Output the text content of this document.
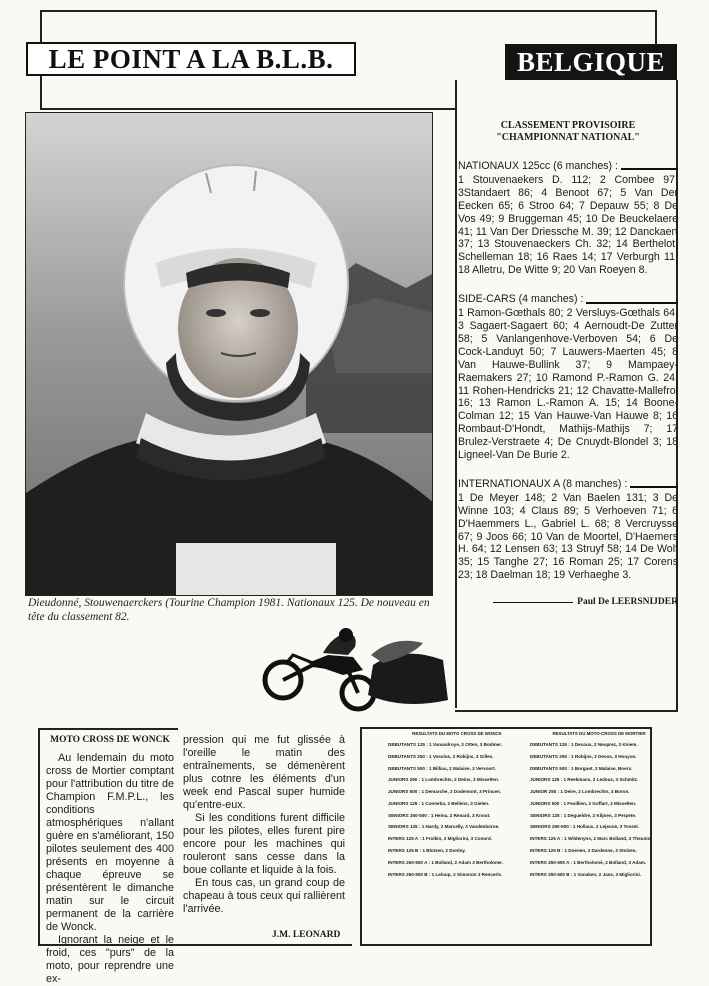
LE POINT A LA B.L.B.	BELGIQUE
Dieudonné, Stouwenaerckers (Tourine Champion 1981. Nationaux 125. De nouveau en tête du classement 82.
CLASSEMENT PROVISOIRE
"CHAMPIONNAT NATIONAL"
NATIONAUX 125cc (6 manches) :
1 Stouvenaekers D. 112; 2 Combee 97; 3Standaert 86; 4 Benoot 67; 5 Van Der Eecken 65; 6 Stroo 64; 7 Depauw 55; 8 De Vos 49; 9 Bruggeman 45; 10 De Beuckelaere 41; 11 Van Der Driessche M. 39; 12 Danckaert 37; 13 Stouvenaeckers Ch. 32; 14 Berthelot, Schelleman 18; 16 Raes 14; 17 Verburgh 11; 18 Alletru, De Witte 9; 20 Van Roeyen 8.
SIDE-CARS (4 manches) :
1 Ramon-Gœthals 80; 2 Versluys-Gœthals 64; 3 Sagaert-Sagaert 60; 4 Aernoudt-De Zutter 58; 5 Vanlangenhove-Verboven 54; 6 De Cock-Landuyt 50; 7 Lauwers-Maerten 45; 8 Van Hauwe-Bullink 37; 9 Mampaey-Raemakers 27; 10 Ramond P.-Ramon G. 24; 11 Rohen-Hendricks 21; 12 Chavatte-Mallefroi 16; 13 Ramon L.-Ramon A. 15; 14 Boone-Colman 12; 15 Van Hauwe-Van Hauwe 8; 16 Rombaut-D'Hondt, Mathijs-Mathijs 7; 17 Brulez-Verstraete 4; De Cnuydt-Blondel 3; 18 Ligneel-Van De Burie 2.
INTERNATIONAUX A (8 manches) :
1 De Meyer 148; 2 Van Baelen 131; 3 De Winne 103; 4 Claus 89; 5 Verhoeven 71; 6 D'Haemmers L., Gabriel L. 68; 8 Vercruysse 67; 9 Joos 66; 10 Van de Moortel, D'Haemers H. 64; 12 Lensen 63; 13 Struyf 58; 14 De Wolf 35; 15 Tanghe 27; 16 Roman 25; 17 Corens 23; 18 Daelman 18; 19 Verhaeghe 3.
Paul De LEERSNIJDER
MOTO CROSS DE WONCK

Au lendemain du moto cross de Mortier comptant pour l'attribution du titre de Champion F.M.P.L., les conditions atmosphériques n'allant guère en s'améliorant, 150 pilotes seulement des 400 présents en moyenne à chaque épreuve se présentèrent le dimanche matin sur le circuit permanent de la carrière de Wonck.

Ignorant la neige et le froid, ces "purs" de la moto, pour reprendre une ex-

pression qui me fut glissée à l'oreille le matin des entraînements, se démenèrent plus cotnre les éléments d'un week end Pascal super humide qu'entre-eux.

Si les conditions furent difficile pour les pilotes, elles furent pire encore pour les machines qui rouleront sans cesse dans la boue collante et liquide à la fois.

En tous cas, un grand coup de chapeau à tous ceux qui rallièrent l'arrivée.

J.M. LEONARD
RESULTATS DU MOTO CROSS DE WONCK
DEBUTANTS 125 : 1 Vanandroye, 2 Otten, 3 Bodmer.
DEBUTANTS 250 : 1 Vosslus, 2 Robijns, 3 Gilles.
DEBUTANTS 500 : 1 Billiau, 2 Malaise, 3 Vervoort.
JUNIORS 250 : 1 Lombrechts, 2 Deins, 3 Misselten.
JUNIORS 500 : 1 Demarche, 2 Dodemont, 3 Princen.
JUNIORS 125 : 1 Connetia, 2 Bellens, 3 Gielen.
SENIORS 250-500 : 1 Heina, 2 Renard, 3 Knout.
SENIORS 125 : 1 Hardy, 2 Marcelly, 3 Vandenborne.
INTERS 125 A : 1 Frolkin, 2 Migliorini, 3 Conord.
INTERS 125 B : 1 Blotzen, 2 Donloy.
INTERS 250-500 A : 1 Bolland, 2 Adam 3 Bertholome.
INTERS 250-500 B : 1 Leloup, 2 Simonon 3 Rencerls.
RESULTATS DU MOTO-CROSS DE MORTIER
DEBUTANTS 125 : 1 Decoux, 2 Neuprez, 3 Kniem.
DEBUTANTS 250 : 1 Robijns, 2 Devos, 3 Houyon.
DEBUTANTS 500 : 1 Borguet, 2 Malaise, Boers.
JUNIORS 125 : 1 Reekmans, 2 Ledoux, 3 Schmitz.
JUNIOR 250 : 1 Deire, 2 Lombrechts, 3 Boron.
JUNIORS 500 : 1 Feuillien, 2 Goffart, 3 Misselten.
SENIORS 125 : 1 Degueldre, 2 Klijnen, 3 Perpete.
SENIORS 250-500 : 1 Hollaux, 2 Lejeune, 3 Tossel.
INTERS 125 A : 1 Wildenyns, 2 Marc Bolland, 3 Theunis.
INTERS 125 B : 1 Doenen, 2 Dardenne, 3 Stolzen.
INTERS 250-500 A : 1 Bertholomé, 2 Bolland, 3 Adam.
INTERS 250-500 B : 1 Vanaken, 2 Jans, 3 Migliorini.
